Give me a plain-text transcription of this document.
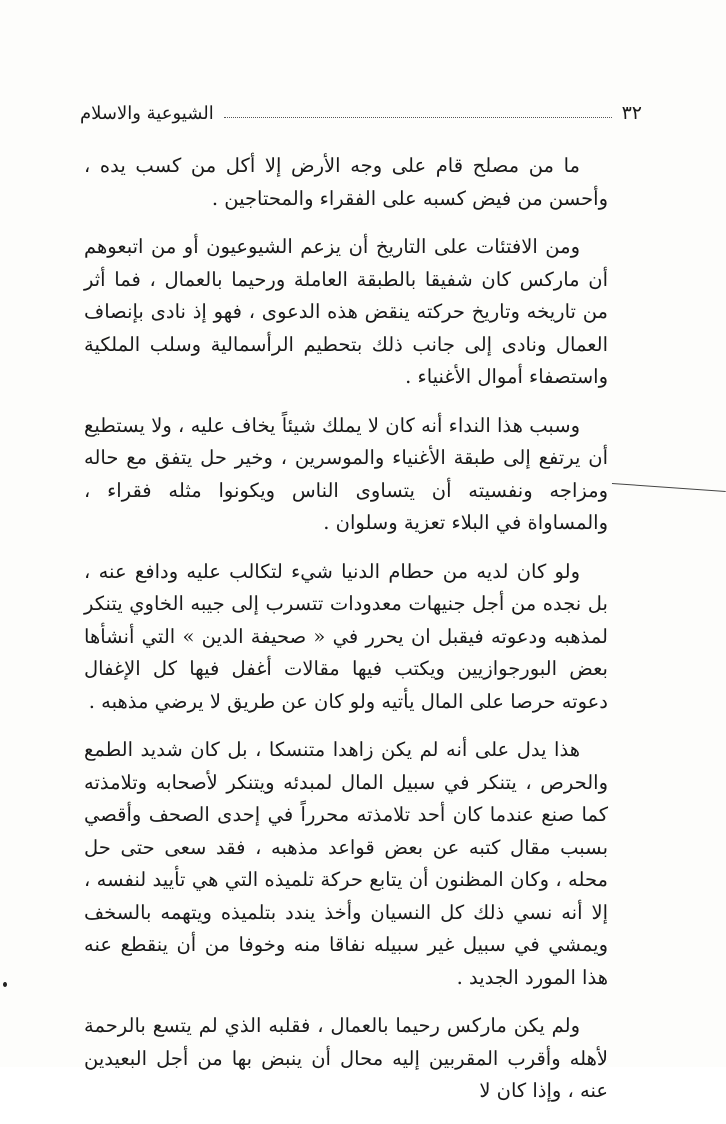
٣٢
الشيوعية والاسلام

ما من مصلح قام على وجه الأرض إلا أكل من كسب يده ، وأحسن من فيض كسبه على الفقراء والمحتاجين .

ومن الافتئات على التاريخ أن يزعم الشيوعيون أو من اتبعوهم أن ماركس كان شفيقا بالطبقة العاملة ورحيما بالعمال ، فما أثر من تاريخه وتاريخ حركته ينقض هذه الدعوى ، فهو إذ نادى بإنصاف العمال ونادى إلى جانب ذلك بتحطيم الرأسمالية وسلب الملكية واستصفاء أموال الأغنياء .

وسبب هذا النداء أنه كان لا يملك شيئاً يخاف عليه ، ولا يستطيع أن يرتفع إلى طبقة الأغنياء والموسرين ، وخير حل يتفق مع حاله ومزاجه ونفسيته أن يتساوى الناس ويكونوا مثله فقراء ، والمساواة في البلاء تعزية وسلوان .

ولو كان لديه من حطام الدنيا شيء لتكالب عليه ودافع عنه ، بل نجده من أجل جنيهات معدودات تتسرب إلى جيبه الخاوي يتنكر لمذهبه ودعوته فيقبل ان يحرر في « صحيفة الدين » التي أنشأها بعض البورجوازيين ويكتب فيها مقالات أغفل فيها كل الإغفال دعوته حرصا على المال يأتيه ولو كان عن طريق لا يرضي مذهبه .

هذا يدل على أنه لم يكن زاهدا متنسكا ، بل كان شديد الطمع والحرص ، يتنكر في سبيل المال لمبدئه ويتنكر لأصحابه وتلامذته كما صنع عندما كان أحد تلامذته محرراً في إحدى الصحف وأقصي بسبب مقال كتبه عن بعض قواعد مذهبه ، فقد سعى حتى حل محله ، وكان المظنون أن يتابع حركة تلميذه التي هي تأييد لنفسه ، إلا أنه نسي ذلك كل النسيان وأخذ يندد بتلميذه ويتهمه بالسخف ويمشي في سبيل غير سبيله نفاقا منه وخوفا من أن ينقطع عنه هذا المورد الجديد .

ولم يكن ماركس رحيما بالعمال ، فقلبه الذي لم يتسع بالرحمة لأهله وأقرب المقربين إليه محال أن ينبض بها من أجل البعيدين عنه ، وإذا كان لا
